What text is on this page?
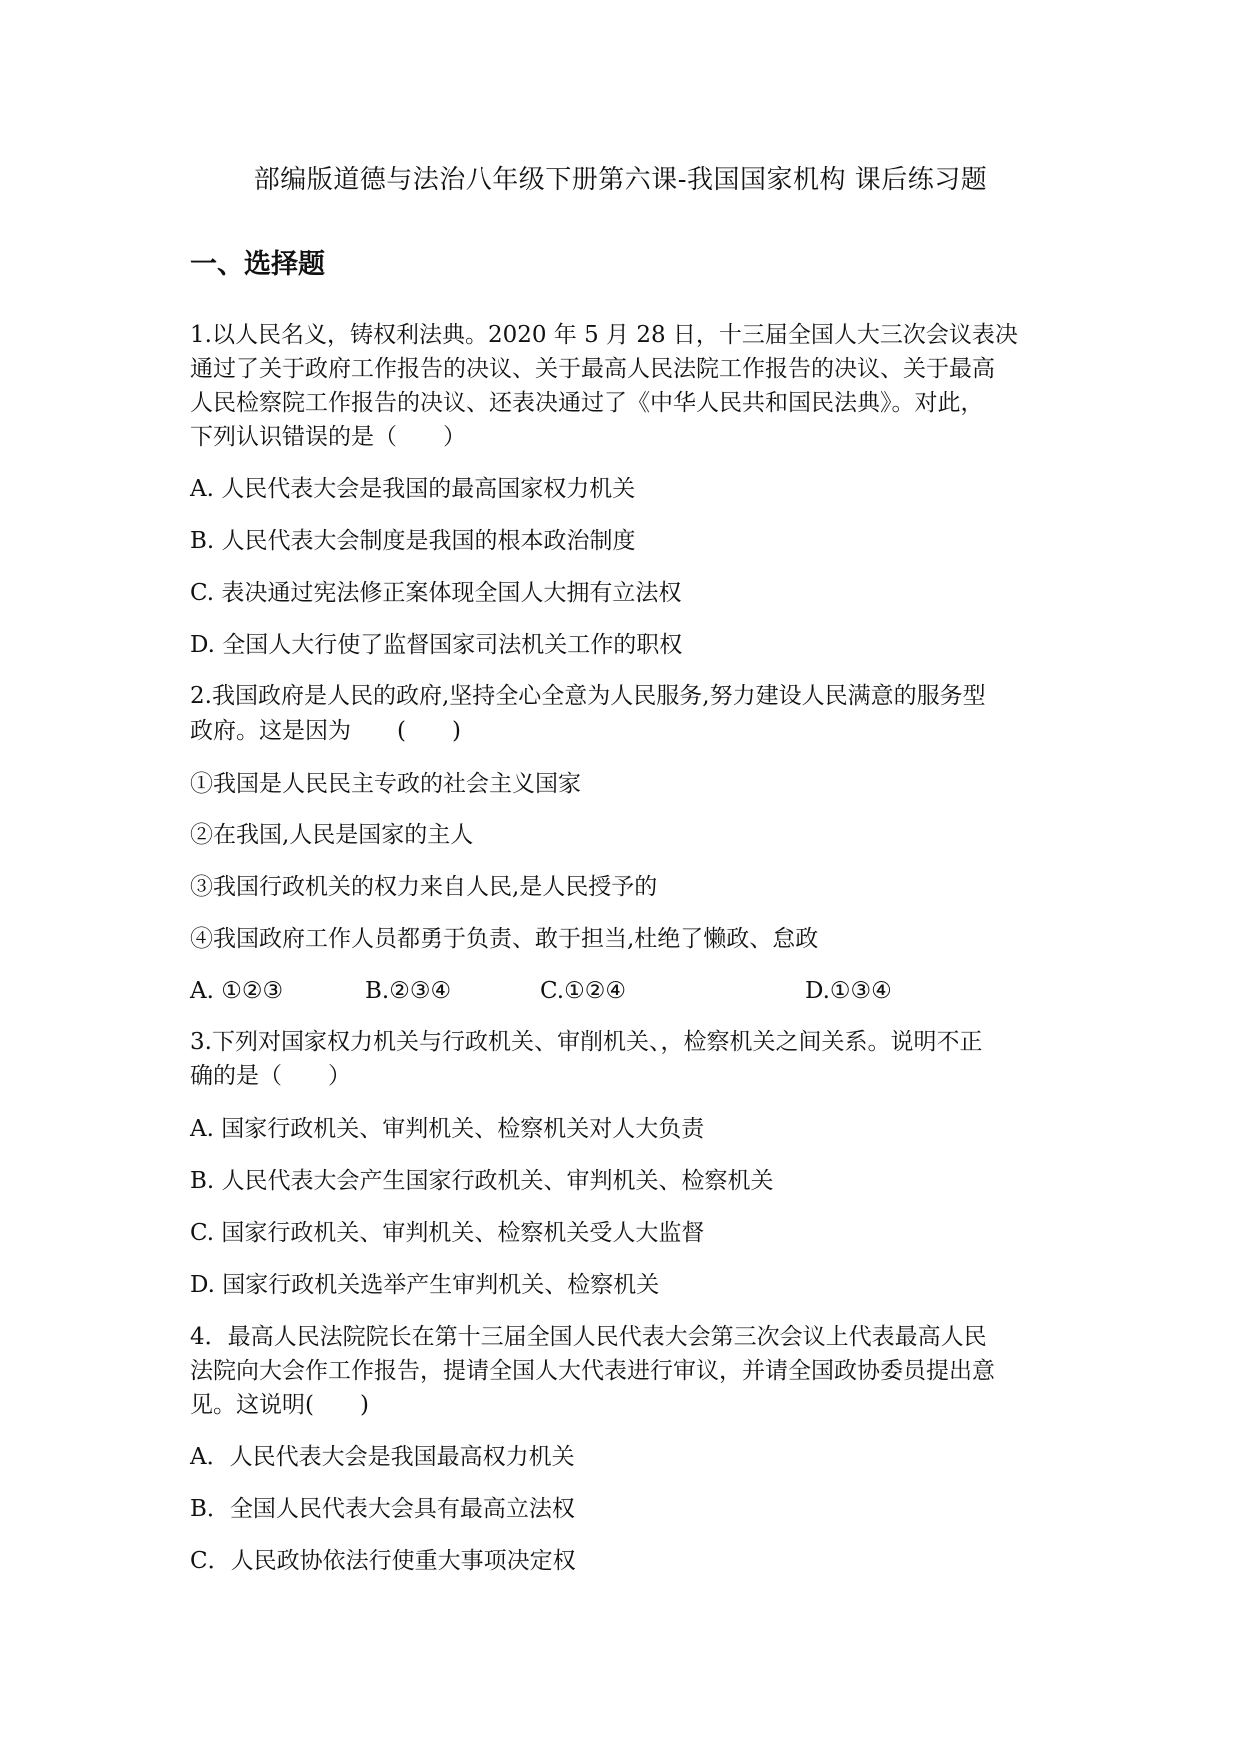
部编版道德与法治八年级下册第六课-我国国家机构 课后练习题
一、选择题
1.以人民名义，铸权利法典。2020 年 5 月 28 日，十三届全国人大三次会议表决
通过了关于政府工作报告的决议、关于最高人民法院工作报告的决议、关于最高
人民检察院工作报告的决议、还表决通过了《中华人民共和国民法典》。对此，
下列认识错误的是（　　）
A. 人民代表大会是我国的最高国家权力机关
B. 人民代表大会制度是我国的根本政治制度
C. 表决通过宪法修正案体现全国人大拥有立法权
D. 全国人大行使了监督国家司法机关工作的职权
2.我国政府是人民的政府,坚持全心全意为人民服务,努力建设人民满意的服务型
政府。这是因为　　(　　)
①我国是人民民主专政的社会主义国家
②在我国,人民是国家的主人
③我国行政机关的权力来自人民,是人民授予的
④我国政府工作人员都勇于负责、敢于担当,杜绝了懒政、怠政
A. ①②③	B.②③④	C.①②④	D.①③④
3.下列对国家权力机关与行政机关、审削机关、，检察机关之间关系。说明不正
确的是（　　）
A. 国家行政机关、审判机关、检察机关对人大负责
B. 人民代表大会产生国家行政机关、审判机关、检察机关
C. 国家行政机关、审判机关、检察机关受人大监督
D. 国家行政机关选举产生审判机关、检察机关
4．最高人民法院院长在第十三届全国人民代表大会第三次会议上代表最高人民
法院向大会作工作报告，提请全国人大代表进行审议，并请全国政协委员提出意
见。这说明(　　)
A．人民代表大会是我国最高权力机关
B．全国人民代表大会具有最高立法权
C．人民政协依法行使重大事项决定权
